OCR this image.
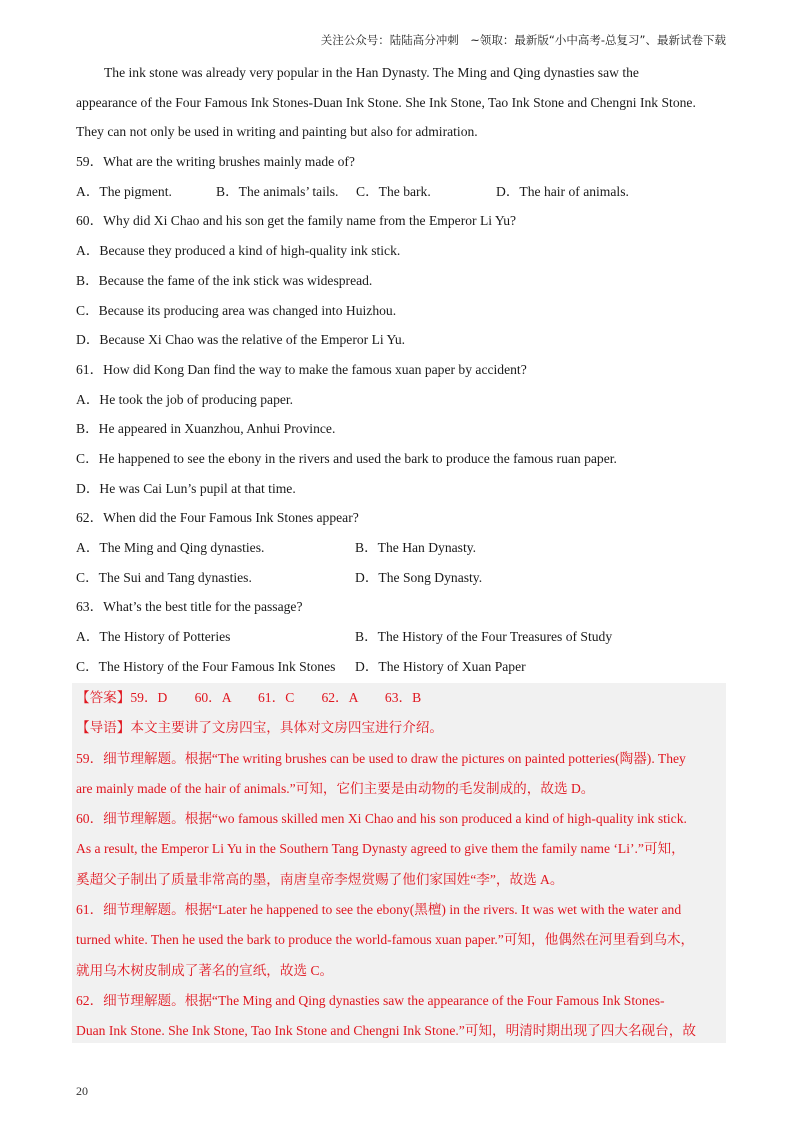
关注公众号：陆陆高分冲刺　~领取：最新版“小中高考-总复习”、最新试卷下载
The ink stone was already very popular in the Han Dynasty. The Ming and Qing dynasties saw the
appearance of the Four Famous Ink Stones-Duan Ink Stone. She Ink Stone, Tao Ink Stone and Chengni Ink Stone.
They can not only be used in writing and painting but also for admiration.
59．What are the writing brushes mainly made of?
A．The pigment.	B．The animals’ tails. C．The bark.	D．The hair of animals.
60．Why did Xi Chao and his son get the family name from the Emperor Li Yu?
A．Because they produced a kind of high-quality ink stick.
B．Because the fame of the ink stick was widespread.
C．Because its producing area was changed into Huizhou.
D．Because Xi Chao was the relative of the Emperor Li Yu.
61．How did Kong Dan find the way to make the famous xuan paper by accident?
A．He took the job of producing paper.
B．He appeared in Xuanzhou, Anhui Province.
C．He happened to see the ebony in the rivers and used the bark to produce the famous ruan paper.
D．He was Cai Lun’s pupil at that time.
62．When did the Four Famous Ink Stones appear?
A．The Ming and Qing dynasties.	B．The Han Dynasty.
C．The Sui and Tang dynasties.	D．The Song Dynasty.
63．What’s the best title for the passage?
A．The History of Potteries	B．The History of the Four Treasures of Study
C．The History of the Four Famous Ink Stones D．The History of Xuan Paper
【答案】59．D　　60．A　　61．C　　62．A　　63．B
【导语】本文主要讲了文房四宝，具体对文房四宝进行介绍。
59．细节理解题。根据“The writing brushes can be used to draw the pictures on painted potteries(陶器). They
are mainly made of the hair of animals.”可知，它们主要是由动物的毛发制成的，故选 D。
60．细节理解题。根据“wo famous skilled men Xi Chao and his son produced a kind of high-quality ink stick.
As a result, the Emperor Li Yu in the Southern Tang Dynasty agreed to give them the family name ‘Li’.”可知，
奚超父子制出了质量非常高的墨，南唐皇帝李煜赏赐了他们家国姓“李”，故选 A。
61．细节理解题。根据“Later he happened to see the ebony(黑檀) in the rivers. It was wet with the water and
turned white. Then he used the bark to produce the world-famous xuan paper.”可知，他偶然在河里看到乌木，
就用乌木树皮制成了著名的宣纸，故选 C。
62．细节理解题。根据“The Ming and Qing dynasties saw the appearance of the Four Famous Ink Stones-
Duan Ink Stone. She Ink Stone, Tao Ink Stone and Chengni Ink Stone.”可知，明清时期出现了四大名砚台，故
20
